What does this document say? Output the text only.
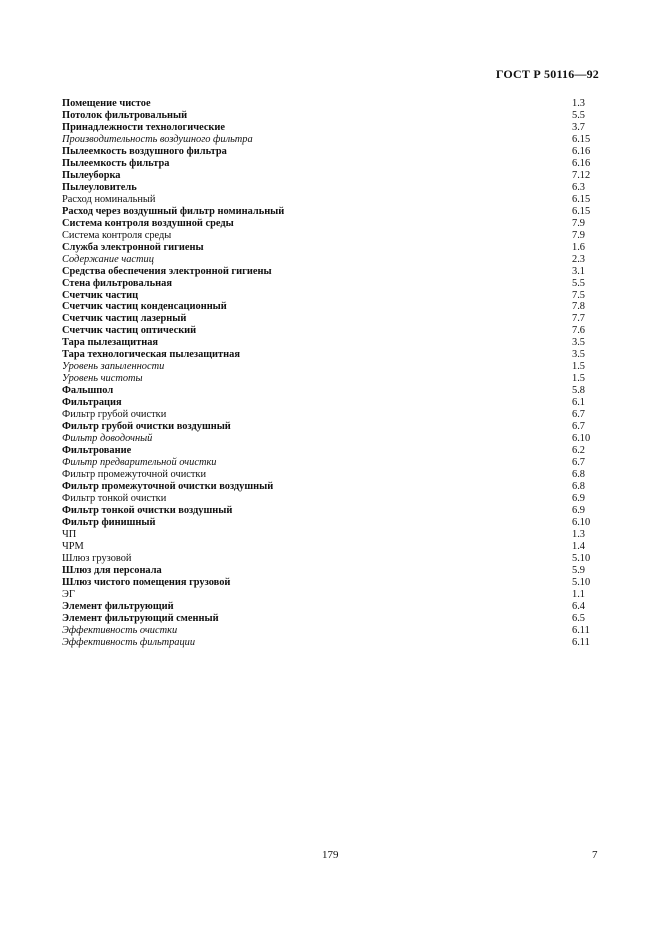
ГОСТ Р 50116—92
Помещение чистое	1.3
Потолок фильтровальный	5.5
Принадлежности технологические	3.7
Производительность воздушного фильтра	6.15
Пылеемкость воздушного фильтра	6.16
Пылеемкость фильтра	6.16
Пылеуборка	7.12
Пылеуловитель	6.3
Расход номинальный	6.15
Расход через воздушный фильтр номинальный	6.15
Система контроля воздушной среды	7.9
Система контроля среды	7.9
Служба электронной гигиены	1.6
Содержание частиц	2.3
Средства обеспечения электронной гигиены	3.1
Стена фильтровальная	5.5
Счетчик частиц	7.5
Счетчик частиц конденсационный	7.8
Счетчик частиц лазерный	7.7
Счетчик частиц оптический	7.6
Тара пылезащитная	3.5
Тара технологическая пылезащитная	3.5
Уровень запыленности	1.5
Уровень чистоты	1.5
Фальшпол	5.8
Фильтрация	6.1
Фильтр грубой очистки	6.7
Фильтр грубой очистки воздушный	6.7
Фильтр доводочный	6.10
Фильтрование	6.2
Фильтр предварительной очистки	6.7
Фильтр промежуточной очистки	6.8
Фильтр промежуточной очистки воздушный	6.8
Фильтр тонкой очистки	6.9
Фильтр тонкой очистки воздушный	6.9
Фильтр финишный	6.10
ЧП	1.3
ЧРМ	1.4
Шлюз грузовой	5.10
Шлюз для персонала	5.9
Шлюз чистого помещения грузовой	5.10
ЭГ	1.1
Элемент фильтрующий	6.4
Элемент фильтрующий сменный	6.5
Эффективность очистки	6.11
Эффективность фильтрации	6.11
179	7
